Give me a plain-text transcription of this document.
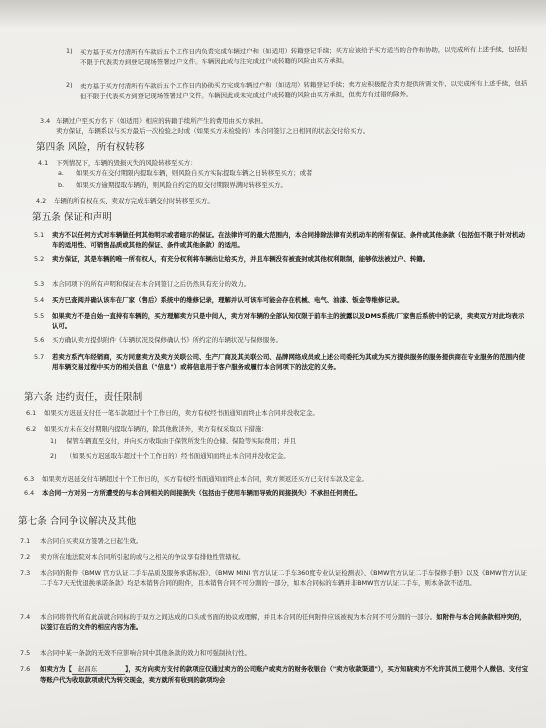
1) 买方基于买方付清所有车款后五个工作日内负责完成车辆过户和（如适用）转籍登记手续；买方应该给予买方适当的合作和协助，以完成所有上述手续，包括但不限于代表卖方到登记现场签署过户文件。车辆因此或与注完成过户或转籍的风险由买方承担。
2) 卖方基于买方付清所有车款后五个工作日内协助买方完成车辆过户和（如适用）转籍登记手续；卖方应积极配合卖方提供所需文件，以完成所有上述手续，包括但不限于代表买方到登记现场签署过户文件。车辆因此或未完成过户或转籍的风险由买方承担，但卖方有过错的除外。
3.4 车辆过户至买方名下（如适用）相应的转籍手续所产生的费用由买方承担。
卖方保证，车辆系以与买方最后一次检验之时或（如果买方未检验的）本合同签订之日相同的状态交付给买方。
第四条 风险，所有权转移
4.1 下列情况下，车辆的毁损灭失的风险转移至买方：
a. 如果买方在交付期限内提取车辆，则风险自买方实际提取车辆之日转移至买方；或者
b. 如果买方逾期提取车辆的，则风险自约定的原交付期限界满时转移至买方。
4.2 车辆的所有权在买、卖双方完成车辆交付时转移至买方。
第五条 保证和声明
5.1 卖方不以任何方式对车辆做任何其他明示或者暗示的保证。在法律许可的最大范围内，本合同排除法律有关机动车的所有保证、条件或其他条款（包括但不限于针对机动车的适用性、可销售品质或其他的保证、条件或其他条款）的适用。
5.2 卖方保证，其是车辆的唯一所有权人，有充分权利将车辆出让给买方，并且车辆没有被查封或其他权利限制，能够依法被过户、转籍。
5.3 本合同项下的所有声明和保证在本合同签订之后仍然具有充分的效力。
5.4 买方已查阅并确认该车在厂家（售后）系统中的维修记录，理解并认可该车可能会存在机械、电气、油漆、钣金等维修记录。
5.5 如果卖方不是自始一直持有车辆的，买方理解卖方只是中间人，卖方对车辆的全部认知仅限于前车主的披露以及DMS系统/厂家售后系统中的记录，卖卖双方对此均表示认可。
5.6 买方确认卖方提供附件《车辆状况及保修确认书》所约定的车辆状况与保修服务。
5.7 若卖方系汽车经销商，买方同意卖方及卖方关联公司、生产厂商及其关联公司、品牌网络成员或上述公司委托为其或为买方提供服务的服务提供商在专业服务的范围内使用车辆交易过程中买方的相关信息（"信息"）或将信息用于客户服务或履行本合同项下的法定的义务。
第六条 违约责任，责任限制
6.1 如果买方迟延支付任一笔车款超过十个工作日的，卖方有权经书面通知而终止本合同并没收定金。
6.2 如果买方未在交付期限内提取车辆的，除其他救济外，卖方有权采取以下措施：
1) 保管车辆直至交付，并向买方收取由于保管所发生的仓储、保险等实际费用；并且
2) （如果买方迟延取车超过十个工作日的）经书面通知而终止本合同并没收定金。
6.3 如果卖方迟延交付车辆超过十个工作日的，买方有权经书面通知而终止本合同，卖方须返还买方已支付车款及定金。
6.4 本合同一方对另一方所遭受的与本合同相关的间接损失（包括由于使用车辆而导致的间接损失）不承担任何责任。
第七条 合同争议解决及其他
7.1 本合同自买卖双方签署之日起生效。
7.2 卖方所在地法院对本合同所引起的或与之相关的争议享有排他性管辖权。
7.3 本合同的附件《BMW 官方认证二手车品质及服务承诺标准》、《BMW MINI 官方认证二手车360度专业认证检测表》、《BMW官方认证二手车保修手册》以及《BMW官方认证二手车7天无忧退换承诺条款》均是本销售合同的附件，且本销售合同不可分割的一部分，如本合同标的车辆并非BMW官方认证二手车，则本条款不适用。
7.4 本合同将替代所有此前就合同标的于双方之间达成的口头或书面的协议或理解，并且本合同的任何附件应该被视为本合同不可分割的一部分。如附件与本合同条款相冲突的，以签订在后的文件的相应内容为准。
7.5 本合同中某一条款的无效不应影响合同中其他条款的效力和可强制执行性。
7.6 如卖方为【 赵昌东	】，买方向卖方支付的款项应仅通过卖方的公司账户或卖方的财务收银台（"卖方收款渠道"），买方知晓卖方不允许其员工使用个人微信、支付宝等账户代为收取款项或代为转交现金，卖方就所有收到的款项均会
